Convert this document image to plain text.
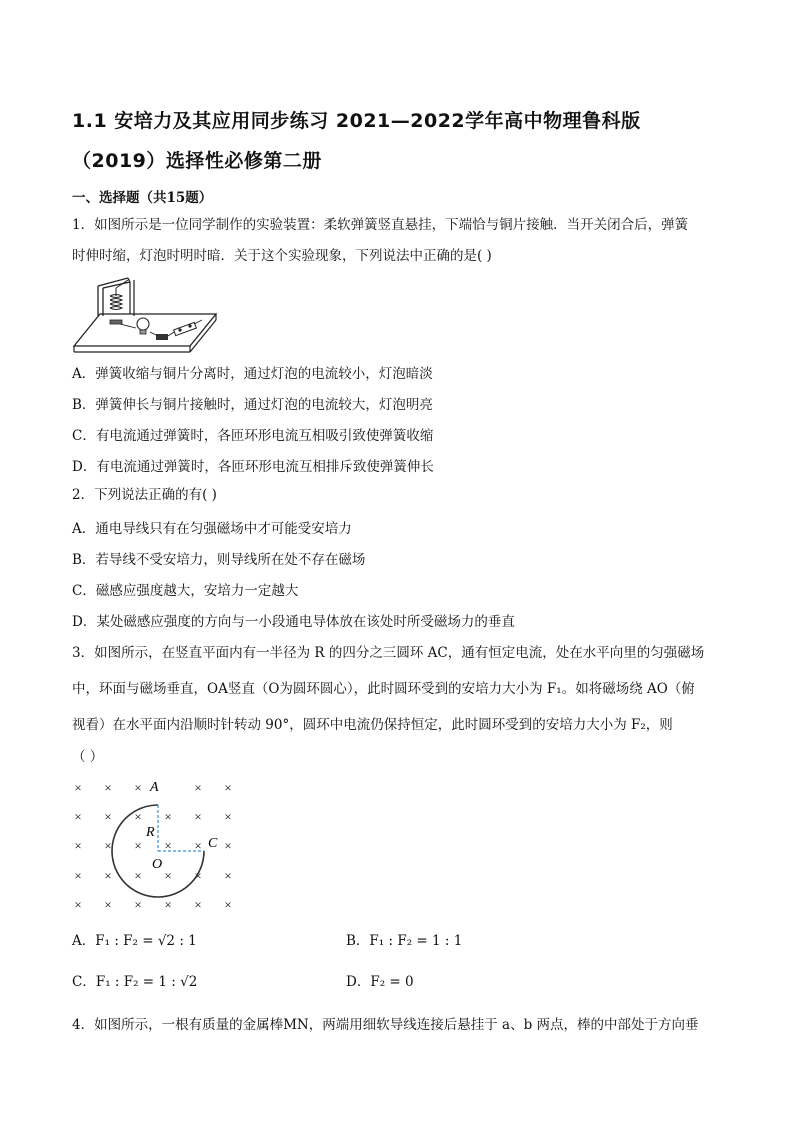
1.1 安培力及其应用同步练习 2021—2022学年高中物理鲁科版
（2019）选择性必修第二册
一、选择题（共15题）
1．如图所示是一位同学制作的实验装置：柔软弹簧竖直悬挂，下端恰与铜片接触．当开关闭合后，弹簧
时伸时缩，灯泡时明时暗．关于这个实验现象，下列说法中正确的是( )
A．弹簧收缩与铜片分离时，通过灯泡的电流较小，灯泡暗淡
B．弹簧伸长与铜片接触时，通过灯泡的电流较大，灯泡明亮
C．有电流通过弹簧时，各匝环形电流互相吸引致使弹簧收缩
D．有电流通过弹簧时，各匝环形电流互相排斥致使弹簧伸长
2．下列说法正确的有( )
A．通电导线只有在匀强磁场中才可能受安培力
B．若导线不受安培力，则导线所在处不存在磁场
C．磁感应强度越大，安培力一定越大
D．某处磁感应强度的方向与一小段通电导体放在该处时所受磁场力的垂直
3．如图所示，在竖直平面内有一半径为 R 的四分之三圆环 AC，通有恒定电流，处在水平向里的匀强磁场
中，环面与磁场垂直，OA竖直（O为圆环圆心），此时圆环受到的安培力大小为 F₁。如将磁场绕 AO（俯
视看）在水平面内沿顺时针转动 90°，圆环中电流仍保持恒定，此时圆环受到的安培力大小为 F₂，则
（ ）
× × ×	× ×
× × × × × ×
× × × × × ×
× × × × × ×
× × × × × ×
A
R
O
C
A．F₁ : F₂ = √2 : 1	B．F₁ : F₂ = 1 : 1
C．F₁ : F₂ = 1 : √2	D．F₂ = 0
4．如图所示，一根有质量的金属棒MN，两端用细软导线连接后悬挂于 a、b 两点，棒的中部处于方向垂
